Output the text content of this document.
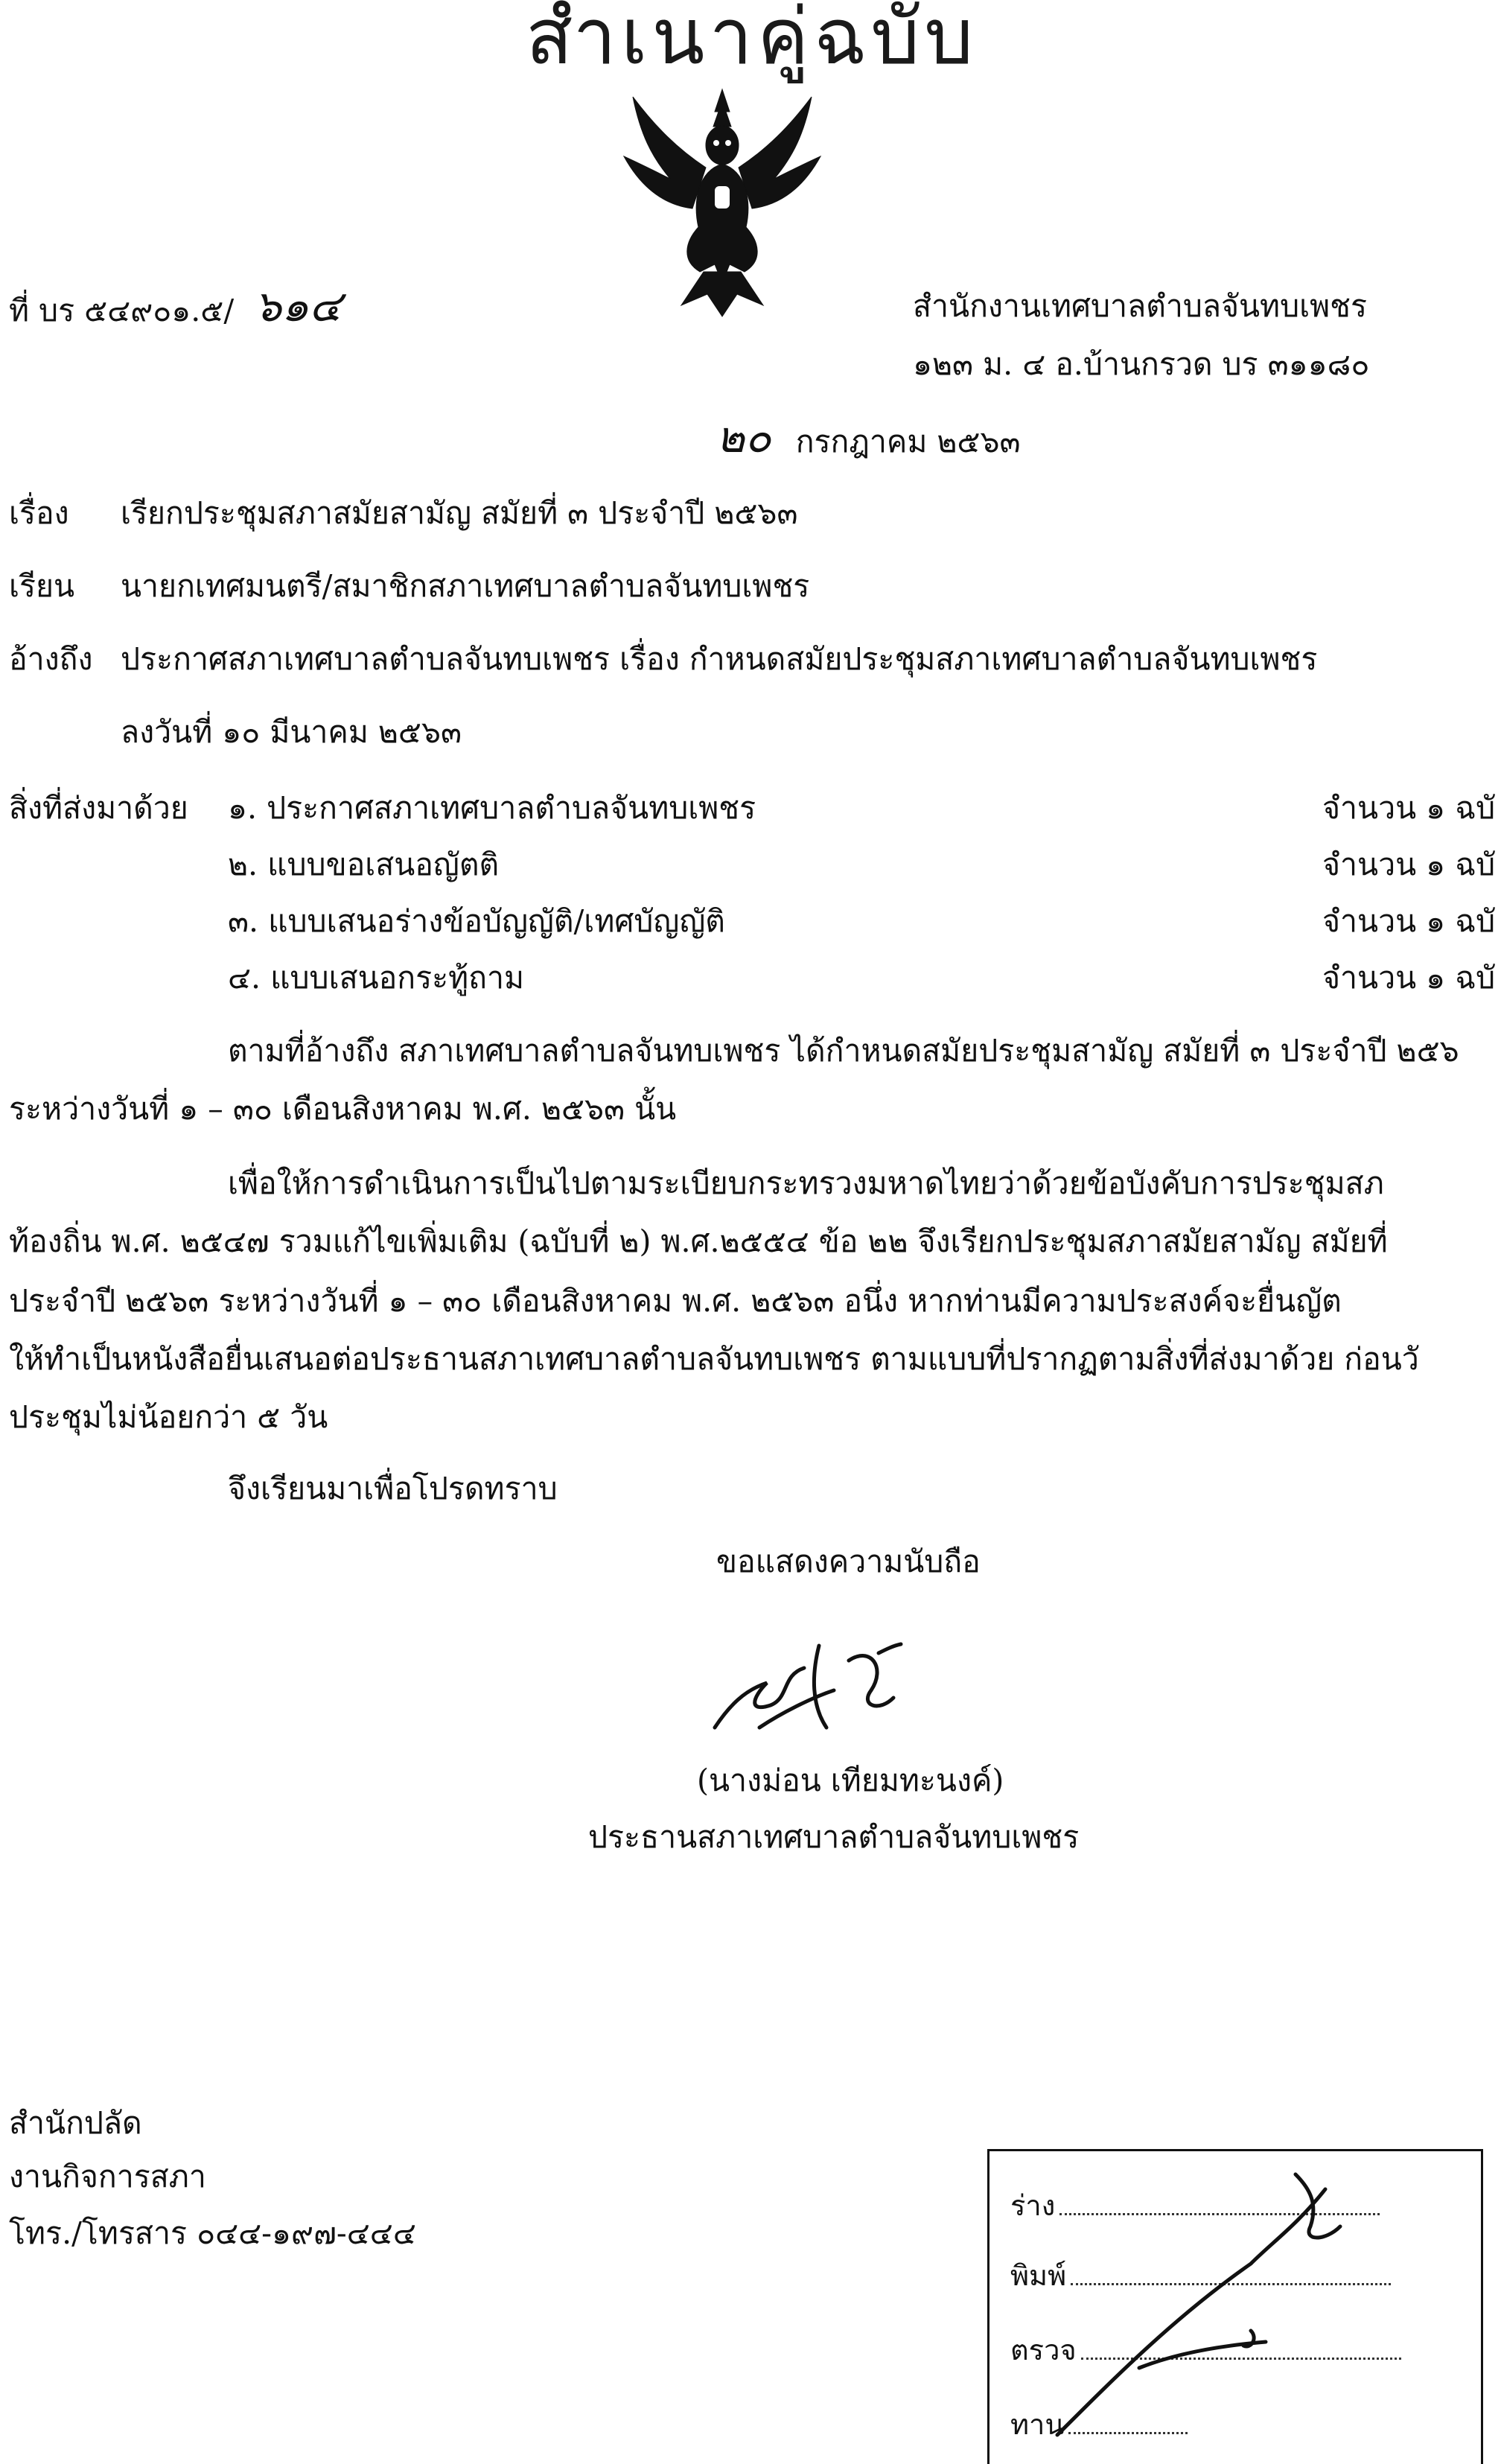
สำเนาคู่ฉบับ
ที่ บร ๕๔๙๐๑.๕/ ๖๑๔	สำนักงานเทศบาลตำบลจันทบเพชร
๑๒๓ ม. ๔ อ.บ้านกรวด บร ๓๑๑๘๐
๒๐ กรกฎาคม ๒๕๖๓
เรื่อง เรียกประชุมสภาสมัยสามัญ สมัยที่ ๓ ประจำปี ๒๕๖๓
เรียน นายกเทศมนตรี/สมาชิกสภาเทศบาลตำบลจันทบเพชร
อ้างถึง ประกาศสภาเทศบาลตำบลจันทบเพชร เรื่อง กำหนดสมัยประชุมสภาเทศบาลตำบลจันทบเพชร
ลงวันที่ ๑๐ มีนาคม ๒๕๖๓
สิ่งที่ส่งมาด้วย ๑. ประกาศสภาเทศบาลตำบลจันทบเพชร	จำนวน ๑ ฉบั
๒. แบบขอเสนอญัตติ	จำนวน ๑ ฉบั
๓. แบบเสนอร่างข้อบัญญัติ/เทศบัญญัติ	จำนวน ๑ ฉบั
๔. แบบเสนอกระทู้ถาม	จำนวน ๑ ฉบั
ตามที่อ้างถึง สภาเทศบาลตำบลจันทบเพชร ได้กำหนดสมัยประชุมสามัญ สมัยที่ ๓ ประจำปี ๒๕๖
ระหว่างวันที่ ๑ – ๓๐ เดือนสิงหาคม พ.ศ. ๒๕๖๓ นั้น
เพื่อให้การดำเนินการเป็นไปตามระเบียบกระทรวงมหาดไทยว่าด้วยข้อบังคับการประชุมสภ
ท้องถิ่น พ.ศ. ๒๕๔๗ รวมแก้ไขเพิ่มเติม (ฉบับที่ ๒) พ.ศ.๒๕๕๔ ข้อ ๒๒ จึงเรียกประชุมสภาสมัยสามัญ สมัยที่
ประจำปี ๒๕๖๓ ระหว่างวันที่ ๑ – ๓๐ เดือนสิงหาคม พ.ศ. ๒๕๖๓ อนึ่ง หากท่านมีความประสงค์จะยื่นญัต
ให้ทำเป็นหนังสือยื่นเสนอต่อประธานสภาเทศบาลตำบลจันทบเพชร ตามแบบที่ปรากฏตามสิ่งที่ส่งมาด้วย ก่อนวั
ประชุมไม่น้อยกว่า ๕ วัน
จึงเรียนมาเพื่อโปรดทราบ
ขอแสดงความนับถือ
(นางม่อน เทียมทะนงค์)
ประธานสภาเทศบาลตำบลจันทบเพชร
สำนักปลัด
งานกิจการสภา
โทร./โทรสาร ๐๔๔-๑๙๗-๔๔๔
ร่าง
พิมพ์
ตรวจ
ทาน
